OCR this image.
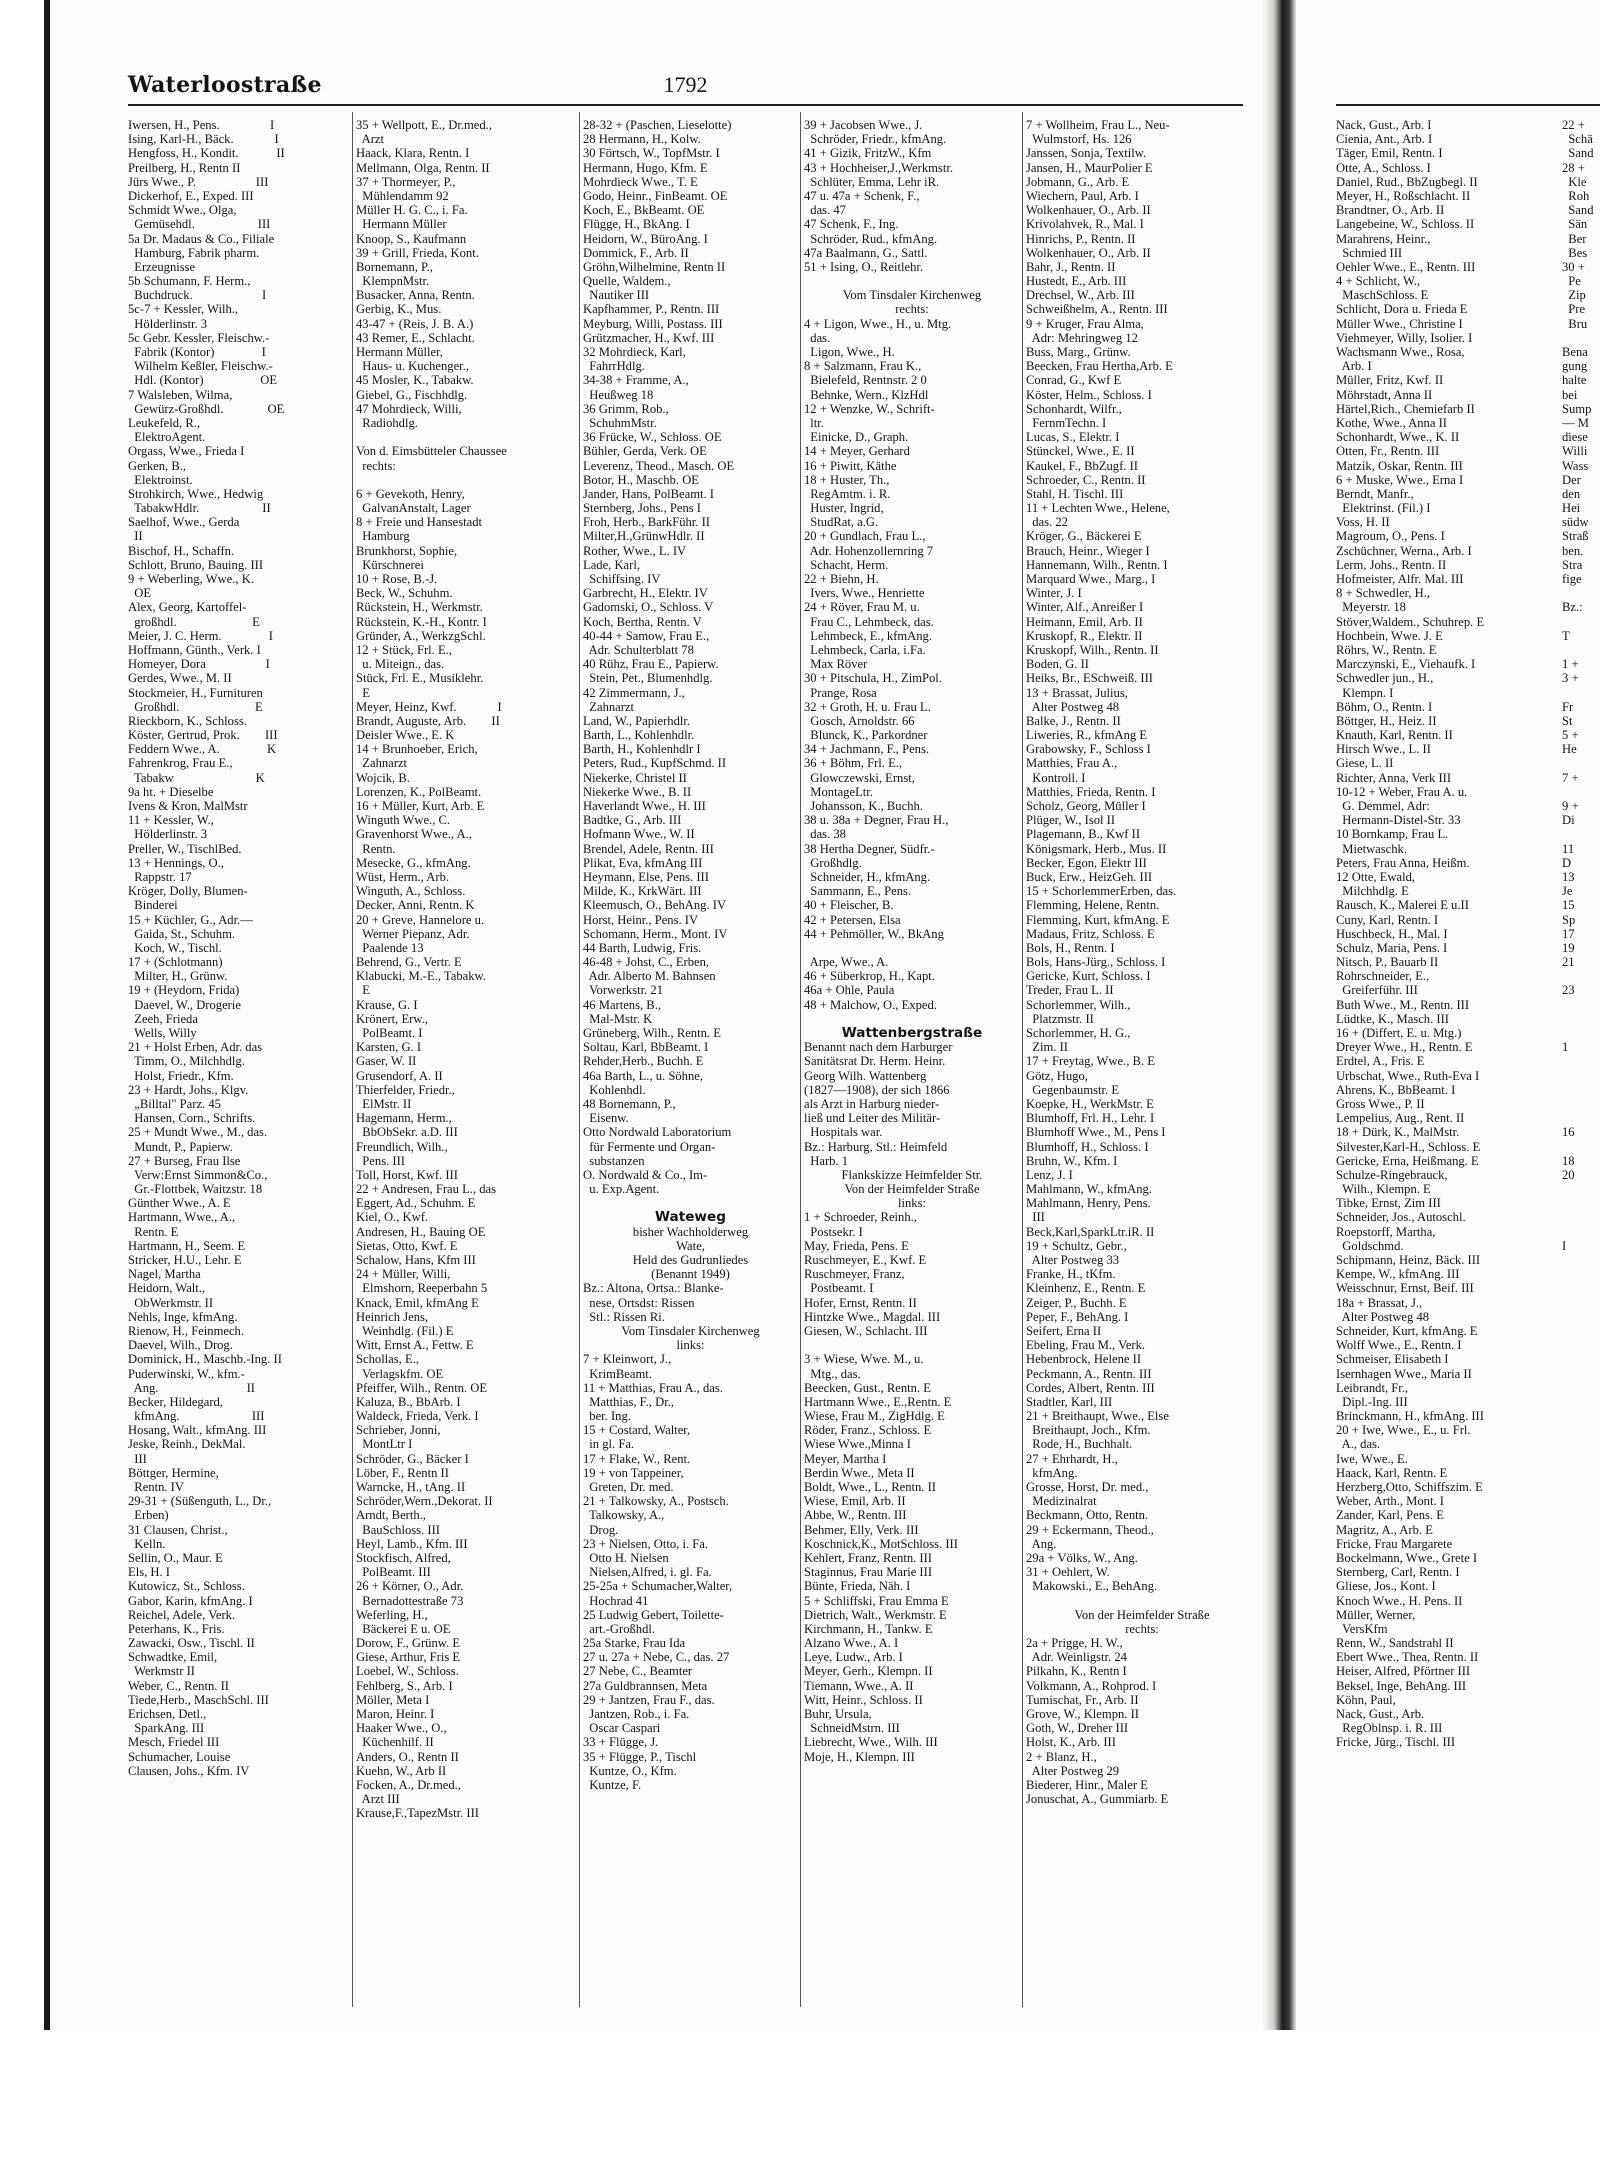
Waterloostraße	1792
Iwersen, H., Pens.                I
Ising, Karl-H., Bäck.             I
Hengfoss, H., Kondit.            II
Preilberg, H., Rentn II
Jürs Wwe., P.                   III
Dickerhof, E., Exped. III
Schmidt Wwe., Olga,
Gemüsehdl.                    III
5a Dr. Madaus & Co., Filiale
Hamburg, Fabrik pharm.
Erzeugnisse
5b Schumann, F. Herm.,
Buchdruck.                      I
5c-7 + Kessler, Wilh.,
Hölderlinstr. 3
5c Gebr. Kessler, Fleischw.-
Fabrik (Kontor)               I
Wilhelm Keßler, Fleischw.-
Hdl. (Kontor)                  OE
7 Walsleben, Wilma,
Gewürz-Großhdl.              OE
Leukefeld, R.,
ElektroAgent.
Orgass, Wwe., Frieda I
Gerken, B.,
Elektroinst.
Strohkirch, Wwe., Hedwig
TabakwHdlr.                    II
Saelhof, Wwe., Gerda
II
Bischof, H., Schaffn.
Schlott, Bruno, Bauing. III
9 + Weberling, Wwe., K.
OE
Alex, Georg, Kartoffel-
großhdl.                        E
Meier, J. C. Herm.               I
Hoffmann, Günth., Verk. I
Homeyer, Dora                   I
Gerdes, Wwe., M. II
Stockmeier, H., Furnituren
Großhdl.                        E
Rieckborn, K., Schloss.
Köster, Gertrud, Prok.        III
Feddern Wwe., A.               K
Fahrenkrog, Frau E.,
Tabakw                          K
9a ht. + Dieselbe
Ivens & Kron, MalMstr
11 + Kessler, W.,
Hölderlinstr. 3
Preller, W., TischlBed.
13 + Hennings, O.,
Rappstr. 17
Kröger, Dolly, Blumen-
Binderei
15 + Küchler, G., Adr.—
Gaida, St., Schuhm.
Koch, W., Tischl.
17 + (Schlotmann)
Milter, H., Grünw.
19 + (Heydorn, Frida)
Daevel, W., Drogerie
Zeeh, Frieda
Wells, Willy
21 + Holst Erben, Adr. das
Timm, O., Milchhdlg.
Holst, Friedr., Kfm.
23 + Hardt, Johs., Klgv.
„Billtal" Parz. 45
Hansen, Corn., Schrifts.
25 + Mundt Wwe., M., das.
Mundt, P., Papierw.
27 + Burseg, Frau Ilse
Verw:Ernst Simmon&Co.,
Gr.-Flottbek, Waitzstr. 18
Günther Wwe., A. E
Hartmann, Wwe., A.,
Rentn. E
Hartmann, H., Seem. E
Stricker, H.U., Lehr. E
Nagel, Martha
Heidorn, Walt.,
ObWerkmstr. II
Nehls, Inge, kfmAng.
Rienow, H., Feinmech.
Daevel, Wilh., Drog.
Dominick, H., Maschb.-Ing. II
Puderwinski, W., kfm.-
Ang.                            II
Becker, Hildegard,
kfmAng.                       III
Hosang, Walt., kfmAng. III
Jeske, Reinh., DekMal.
III
Böttger, Hermine,
Rentn. IV
29-31 + (Süßenguth, L., Dr.,
Erben)
31 Clausen, Christ.,
Kelln.
Sellin, O., Maur. E
Els, H. I
Kutowicz, St., Schloss.
Gabor, Karin, kfmAng. I
Reichel, Adele, Verk.
Peterhans, K., Fris.
Zawacki, Osw., Tischl. II
Schwadtke, Emil,
Werkmstr II
Weber, C., Rentn. II
Tiede,Herb., MaschSchl. III
Erichsen, Detl.,
SparkAng. III
Mesch, Friedel III
Schumacher, Louise
Clausen, Johs., Kfm. IV
35 + Wellpott, E., Dr.med.,
Arzt
Haack, Klara, Rentn. I
Mellmann, Olga, Rentn. II
37 + Thormeyer, P.,
Mühlendamm 92
Müller H. G. C., i. Fa.
Hermann Müller
Knoop, S., Kaufmann
39 + Grill, Frieda, Kont.
Bornemann, P.,
KlempnMstr.
Busacker, Anna, Rentn.
Gerbig, K., Mus.
43-47 + (Reis, J. B. A.)
43 Remer, E., Schlacht.
Hermann Müller,
Haus- u. Kuchenger.,
45 Mosler, K., Tabakw.
Giebel, G., Fischhdlg.
47 Mohrdieck, Willi,
Radiohdlg.
Von d. Eimsbütteler Chaussee
rechts:
6 + Gevekoth, Henry,
GalvanAnstalt, Lager
8 + Freie und Hansestadt
Hamburg
Brunkhorst, Sophie,
Kürschnerei
10 + Rose, B.-J.
Beck, W., Schuhm.
Rückstein, H., Werkmstr.
Rückstein, K.-H., Kontr. I
Gründer, A., WerkzgSchl.
12 + Stück, Frl. E.,
u. Miteign., das.
Stück, Frl. E., Musiklehr.
E
Meyer, Heinz, Kwf.             I
Brandt, Auguste, Arb.        II
Deisler Wwe., E. K
14 + Brunhoeber, Erich,
Zahnarzt
Wojcik, B.
Lorenzen, K., PolBeamt.
16 + Müller, Kurt, Arb. E
Winguth Wwe., C.
Gravenhorst Wwe., A.,
Rentn.
Mesecke, G., kfmAng.
Wüst, Herm., Arb.
Winguth, A., Schloss.
Decker, Anni, Rentn. K
20 + Greve, Hannelore u.
Werner Piepanz, Adr.
Paalende 13
Behrend, G., Vertr. E
Klabucki, M.-E., Tabakw.
E
Krause, G. I
Krönert, Erw.,
PolBeamt. I
Karsten, G. I
Gaser, W. II
Grusendorf, A. II
Thierfelder, Friedr.,
ElMstr. II
Hagemann, Herm.,
BbObSekr. a.D. III
Freundlich, Wilh.,
Pens. III
Toll, Horst, Kwf. III
22 + Andresen, Frau L., das
Eggert, Ad., Schuhm. E
Kiel, O., Kwf.
Andresen, H., Bauing OE
Sietas, Otto, Kwf. E
Schalow, Hans, Kfm III
24 + Müller, Willi,
Elmshorn, Reeperbahn 5
Knack, Emil, kfmAng E
Heinrich Jens,
Weinhdlg. (Fil.) E
Witt, Ernst A., Fettw. E
Schollas, E.,
Verlagskfm. OE
Pfeiffer, Wilh., Rentn. OE
Kaluza, B., BbArb. I
Waldeck, Frieda, Verk. I
Schrieber, Jonni,
MontLtr I
Schröder, G., Bäcker I
Löber, F., Rentn II
Warncke, H., tAng. II
Schröder,Wern.,Dekorat. II
Arndt, Berth.,
BauSchloss. III
Heyl, Lamb., Kfm. III
Stockfisch, Alfred,
PolBeamt. III
26 + Körner, O., Adr.
Bernadottestraße 73
Weferling, H.,
Bäckerei E u. OE
Dorow, F., Grünw. E
Giese, Arthur, Fris E
Loebel, W., Schloss.
Fehlberg, S., Arb. I
Möller, Meta I
Maron, Heinr. I
Haaker Wwe., O.,
Küchenhilf. II
Anders, O., Rentn II
Kuehn, W., Arb II
Focken, A., Dr.med.,
Arzt III
Krause,F.,TapezMstr. III
28-32 + (Paschen, Lieselotte)
28 Hermann, H., Kolw.
30 Förtsch, W., TopfMstr. I
Hermann, Hugo, Kfm. E
Mohrdieck Wwe., T. E
Godo, Heinr., FinBeamt. OE
Koch, E., BkBeamt. OE
Flügge, H., BkAng. I
Heidorn, W., BüroAng. I
Dommick, F., Arb. II
Gröhn,Wilhelmine, Rentn II
Quelle, Waldem.,
Nautiker III
Kapfhammer, P., Rentn. III
Meyburg, Willi, Postass. III
Grützmacher, H., Kwf. III
32 Mohrdieck, Karl,
FahrrHdlg.
34-38 + Framme, A.,
Heußweg 18
36 Grimm, Rob.,
SchuhmMstr.
36 Frücke, W., Schloss. OE
Bühler, Gerda, Verk. OE
Leverenz, Theod., Masch. OE
Botor, H., Maschb. OE
Jander, Hans, PolBeamt. I
Sternberg, Johs., Pens I
Froh, Herb., BarkFühr. II
Milter,H.,GrünwHdlr. II
Rother, Wwe., L. IV
Lade, Karl,
Schiffsing. IV
Garbrecht, H., Elektr. IV
Gadomski, O., Schloss. V
Koch, Bertha, Rentn. V
40-44 + Samow, Frau E.,
Adr. Schulterblatt 78
40 Rühz, Frau E., Papierw.
Stein, Pet., Blumenhdlg.
42 Zimmermann, J.,
Zahnarzt
Land, W., Papierhdlr.
Barth, L., Kohlenhdlr.
Barth, H., Kohlenhdlr I
Peters, Rud., KupfSchmd. II
Niekerke, Christel II
Niekerke Wwe., B. II
Haverlandt Wwe., H. III
Badtke, G., Arb. III
Hofmann Wwe., W. II
Brendel, Adele, Rentn. III
Plikat, Eva, kfmAng III
Heymann, Else, Pens. III
Milde, K., KrkWärt. III
Kleemusch, O., BehAng. IV
Horst, Heinr., Pens. IV
Schomann, Herm., Mont. IV
44 Barth, Ludwig, Fris.
46-48 + Johst, C., Erben,
Adr. Alberto M. Bahnsen
Vorwerkstr. 21
46 Martens, B.,
Mal-Mstr. K
Grüneberg, Wilh., Rentn. E
Soltau, Karl, BbBeamt. I
Rehder,Herb., Buchh. E
46a Barth, L., u. Söhne,
Kohlenhdl.
48 Bornemann, P.,
Eisenw.
Otto Nordwald Laboratorium
für Fermente und Organ-
substanzen
O. Nordwald & Co., Im-
u. Exp.Agent.
Wateweg
bisher Wachholderweg
Wate,
Held des Gudrunliedes
(Benannt 1949)
Bz.: Altona, Ortsa.: Blanke-
nese, Ortsdst: Rissen
Stl.: Rissen Ri.
Vom Tinsdaler Kirchenweg
links:
7 + Kleinwort, J.,
KrimBeamt.
11 + Matthias, Frau A., das.
Matthias, F., Dr.,
ber. Ing.
15 + Costard, Walter,
in gl. Fa.
17 + Flake, W., Rent.
19 + von Tappeiner,
Greten, Dr. med.
21 + Talkowsky, A., Postsch.
Talkowsky, A.,
Drog.
23 + Nielsen, Otto, i. Fa.
Otto H. Nielsen
Nielsen,Alfred, i. gl. Fa.
25-25a + Schumacher,Walter,
Hochrad 41
25 Ludwig Gebert, Toilette-
art.-Großhdl.
25a Starke, Frau Ida
27 u. 27a + Nebe, C., das. 27
27 Nebe, C., Beamter
27a Guldbrannsen, Meta
29 + Jantzen, Frau F., das.
Jantzen, Rob., i. Fa.
Oscar Caspari
33 + Flügge, J.
35 + Flügge, P., Tischl
Kuntze, O., Kfm.
Kuntze, F.
39 + Jacobsen Wwe., J.
Schröder, Friedr., kfmAng.
41 + Gizik, FritzW., Kfm
43 + Hochheiser,J.,Werkmstr.
Schlüter, Emma, Lehr iR.
47 u. 47a + Schenk, F.,
das. 47
47 Schenk, F., Ing.
Schröder, Rud., kfmAng.
47a Baalmann, G., Sattl.
51 + Ising, O., Reitlehr.
Vom Tinsdaler Kirchenweg
rechts:
4 + Ligon, Wwe., H., u. Mtg.
das.
Ligon, Wwe., H.
8 + Salzmann, Frau K.,
Bielefeld, Rentnstr. 2 0
Behnke, Wern., KlzHdl
12 + Wenzke, W., Schrift-
ltr.
Einicke, D., Graph.
14 + Meyer, Gerhard
16 + Piwitt, Käthe
18 + Huster, Th.,
RegAmtm. i. R.
Huster, Ingrid,
StudRat, a.G.
20 + Gundlach, Frau L.,
Adr. Hohenzollernring 7
Schacht, Herm.
22 + Biehn, H.
Ivers, Wwe., Henriette
24 + Röver, Frau M. u.
Frau C., Lehmbeck, das.
Lehmbeck, E., kfmAng.
Lehmbeck, Carla, i.Fa.
Max Röver
30 + Pitschula, H., ZimPol.
Prange, Rosa
32 + Groth, H. u. Frau L.
Gosch, Arnoldstr. 66
Blunck, K., Parkordner
34 + Jachmann, F., Pens.
36 + Böhm, Frl. E.,
Glowczewski, Ernst,
MontageLtr.
Johansson, K., Buchh.
38 u. 38a + Degner, Frau H.,
das. 38
38 Hertha Degner, Südfr.-
Großhdlg.
Schneider, H., kfmAng.
Sammann, E., Pens.
40 + Fleischer, B.
42 + Petersen, Elsa
44 + Pehmöller, W., BkAng
Arpe, Wwe., A.
46 + Süberkrop, H., Kapt.
46a + Ohle, Paula
48 + Malchow, O., Exped.
Wattenbergstraße
Benannt nach dem Harburger
Sanitätsrat Dr. Herm. Heinr.
Georg Wilh. Wattenberg
(1827—1908), der sich 1866
als Arzt in Harburg nieder-
ließ und Leiter des Militär-
Hospitals war.
Bz.: Harburg, Stl.: Heimfeld
Harb. 1
Flankskizze Heimfelder Str.
Von der Heimfelder Straße
links:
1 + Schroeder, Reinh.,
Postsekr. I
May, Frieda, Pens. E
Ruschmeyer, E., Kwf. E
Ruschmeyer, Franz,
Postbeamt. I
Hofer, Ernst, Rentn. II
Hintzke Wwe., Magdal. III
Giesen, W., Schlacht. III
3 + Wiese, Wwe. M., u.
Mtg., das.
Beecken, Gust., Rentn. E
Hartmann Wwe., E.,Rentn. E
Wiese, Frau M., ZigHdlg. E
Röder, Franz., Schloss. E
Wiese Wwe.,Minna I
Meyer, Martha I
Berdin Wwe., Meta II
Boldt, Wwe., L., Rentn. II
Wiese, Emil, Arb. II
Abbe, W., Rentn. III
Behmer, Elly, Verk. III
Koschnick,K., MotSchloss. III
Kehlert, Franz, Rentn. III
Staginnus, Frau Marie III
Bünte, Frieda, Näh. I
5 + Schliffski, Frau Emma E
Dietrich, Walt., Werkmstr. E
Kirchmann, H., Tankw. E
Alzano Wwe., A. I
Leye, Ludw., Arb. I
Meyer, Gerh., Klempn. II
Tiemann, Wwe., A. II
Witt, Heinr., Schloss. II
Buhr, Ursula,
SchneidMstrn. III
Liebrecht, Wwe., Wilh. III
Moje, H., Klempn. III
7 + Wollheim, Frau L., Neu-
Wulmstorf, Hs. 126
Janssen, Sonja, Textilw.
Jansen, H., MaurPolier E
Jobmann, G., Arb. E
Wiechern, Paul, Arb. I
Wolkenhauer, O., Arb. II
Krivolahvek, R., Mal. I
Hinrichs, P., Rentn. II
Wolkenhauer, O., Arb. II
Bahr, J., Rentn. II
Hustedt, E., Arb. III
Drechsel, W., Arb. III
Schweißhelm, A., Rentn. III
9 + Kruger, Frau Alma,
Adr: Mehringweg 12
Buss, Marg., Grünw.
Beecken, Frau Hertha,Arb. E
Conrad, G., Kwf E
Köster, Helm., Schloss. I
Schonhardt, Wilfr.,
FernmTechn. I
Lucas, S., Elektr. I
Stünckel, Wwe., E. II
Kaukel, F., BbZugf. II
Schroeder, C., Rentn. II
Stahl, H. Tischl. III
11 + Lechten Wwe., Helene,
das. 22
Kröger, G., Bäckerei E
Brauch, Heinr., Wieger I
Hannemann, Wilh., Rentn. I
Marquard Wwe., Marg., I
Winter, J. I
Winter, Alf., Anreißer I
Heimann, Emil, Arb. II
Kruskopf, R., Elektr. II
Kruskopf, Wilh., Rentn. II
Boden, G. II
Heiks, Br., ESchweiß. III
13 + Brassat, Julius,
Alter Postweg 48
Balke, J., Rentn. II
Liweries, R., kfmAng E
Grabowsky, F., Schloss I
Matthies, Frau A.,
Kontroll. I
Matthies, Frieda, Rentn. I
Scholz, Georg, Müller I
Plüger, W., Isol II
Plagemann, B., Kwf II
Königsmark, Herb., Mus. II
Becker, Egon, Elektr III
Buck, Erw., HeizGeh. III
15 + SchorlemmerErben, das.
Flemming, Helene, Rentn.
Flemming, Kurt, kfmAng. E
Madaus, Fritz, Schloss. E
Bols, H., Rentn. I
Bols, Hans-Jürg., Schloss. I
Gericke, Kurt, Schloss. I
Treder, Frau L. II
Schorlemmer, Wilh.,
Platzmstr. II
Schorlemmer, H. G.,
Zim. II
17 + Freytag, Wwe., B. E
Götz, Hugo,
Gegenbaumstr. E
Koepke, H., WerkMstr. E
Blumhoff, Frl. H., Lehr. I
Blumhoff Wwe., M., Pens I
Blumhoff, H., Schloss. I
Bruhn, W., Kfm. I
Lenz, J. I
Mahlmann, W., kfmAng.
Mahlmann, Henry, Pens.
III
Beck,Karl,SparkLtr.iR. II
19 + Schultz, Gebr.,
Alter Postweg 33
Franke, H., tKfm.
Kleinhenz, E., Rentn. E
Zeiger, P., Buchh. E
Peper, F., BehAng. I
Seifert, Erna II
Ebeling, Frau M., Verk.
Hebenbrock, Helene II
Peckmann, A., Rentn. III
Cordes, Albert, Rentn. III
Stadtler, Karl, III
21 + Breithaupt, Wwe., Else
Breithaupt, Joch., Kfm.
Rode, H., Buchhalt.
27 + Ehrhardt, H.,
kfmAng.
Grosse, Horst, Dr. med.,
Medizinalrat
Beckmann, Otto, Rentn.
29 + Eckermann, Theod.,
Ang.
29a + Völks, W., Ang.
31 + Oehlert, W.
Makowski., E., BehAng.
Von der Heimfelder Straße
rechts:
2a + Prigge, H. W.,
Adr. Weinligstr. 24
Pilkahn, K., Rentn I
Volkmann, A., Rohprod. I
Tumischat, Fr., Arb. II
Grove, W., Klempn. II
Goth, W., Dreher III
Holst, K., Arb. III
2 + Blanz, H.,
Alter Postweg 29
Biederer, Hinr., Maler E
Jonuschat, A., Gummiarb. E
Nack, Gust., Arb. I
Cienia, Ant., Arb. I
Täger, Emil, Rentn. I
Otte, A., Schloss. I
Daniel, Rud., BbZugbegl. II
Meyer, H., Roßschlacht. II
Brandtner, O., Arb. II
Langebeine, W., Schloss. II
Marahrens, Heinr.,
Schmied III
Oehler Wwe., E., Rentn. III
4 + Schlicht, W.,
MaschSchloss. E
Schlicht, Dora u. Frieda E
Müller Wwe., Christine I
Viehmeyer, Willy, Isolier. I
Wachsmann Wwe., Rosa,
Arb. I
Müller, Fritz, Kwf. II
Möhrstadt, Anna II
Härtel,Rich., Chemiefarb II
Kothe, Wwe., Anna II
Schonhardt, Wwe., K. II
Otten, Fr., Rentn. III
Matzik, Oskar, Rentn. III
6 + Muske, Wwe., Erna I
Berndt, Manfr.,
Elektrinst. (Fil.) I
Voss, H. II
Magroum, O., Pens. I
Zschüchner, Werna., Arb. I
Lerm, Johs., Rentn. II
Hofmeister, Alfr. Mal. III
8 + Schwedler, H.,
Meyerstr. 18
Stöver,Waldem., Schuhrep. E
Hochbein, Wwe. J. E
Röhrs, W., Rentn. E
Marczynski, E., Viehaufk. I
Schwedler jun., H.,
Klempn. I
Böhm, O., Rentn. I
Böttger, H., Heiz. II
Knauth, Karl, Rentn. II
Hirsch Wwe., L. II
Giese, L. II
Richter, Anna, Verk III
10-12 + Weber, Frau A. u.
G. Demmel, Adr:
Hermann-Distel-Str. 33
10 Bornkamp, Frau L.
Mietwaschk.
Peters, Frau Anna, Heißm.
12 Otte, Ewald,
Milchhdlg. E
Rausch, K., Malerei E u.II
Cuny, Karl, Rentn. I
Huschbeck, H., Mal. I
Schulz, Maria, Pens. I
Nitsch, P., Bauarb II
Rohrschneider, E.,
Greiferführ. III
Buth Wwe., M., Rentn. III
Lüdtke, K., Masch. III
16 + (Differt, E. u. Mtg.)
Dreyer Wwe., H., Rentn. E
Erdtel, A., Fris. E
Urbschat, Wwe., Ruth-Eva I
Ahrens, K., BbBeamt. I
Gross Wwe., P. II
Lempelius, Aug., Rent. II
18 + Dürk, K., MalMstr.
Silvester,Karl-H., Schloss. E
Gericke, Erna, Heißmang. E
Schulze-Ringebrauck,
Wilh., Klempn. E
Tibke, Ernst, Zim III
Schneider, Jos., Autoschl.
Roepstorff, Martha,
Goldschmd.
Schipmann, Heinz, Bäck. III
Kempe, W., kfmAng. III
Weisschnur, Ernst, Beif. III
18a + Brassat, J.,
Alter Postweg 48
Schneider, Kurt, kfmAng. E
Wolff Wwe., E., Rentn. I
Schmeiser, Elisabeth I
Isernhagen Wwe., Maria II
Leibrandt, Fr.,
Dipl.-Ing. III
Brinckmann, H., kfmAng. III
20 + Iwe, Wwe., E., u. Frl.
A., das.
Iwe, Wwe., E.
Haack, Karl, Rentn. E
Herzberg,Otto, Schiffszim. E
Weber, Arth., Mont. I
Zander, Karl, Pens. E
Magritz, A., Arb. E
Fricke, Frau Margarete
Bockelmann, Wwe., Grete I
Sternberg, Carl, Rentn. I
Gliese, Jos., Kont. I
Knoch Wwe., H. Pens. II
Müller, Werner,
VersKfm
Renn, W., Sandstrahl II
Ebert Wwe., Thea, Rentn. II
Heiser, Alfred, Pförtner III
Beksel, Inge, BehAng. III
Köhn, Paul,
Nack, Gust., Arb.
RegOblnsp. i. R. III
Fricke, Jürg., Tischl. III
22 +
Schä
Sand
28 +
Kle
Roh
Sand
Sän
Ber
Bes
30 +
Pe
Zip
Pre
Bru
Bena
gung
halte
bei
Sump
— M
diese
Willi
Wass
Der
den
Hei
südw
Straß
ben.
Stra
fige
Bz.:
T
1 +
3 +
Fr
St
5 +
He
7 +
9 +
Di
11
D
13
Je
15
Sp
17
19
21
23
1
16
18
20
I
